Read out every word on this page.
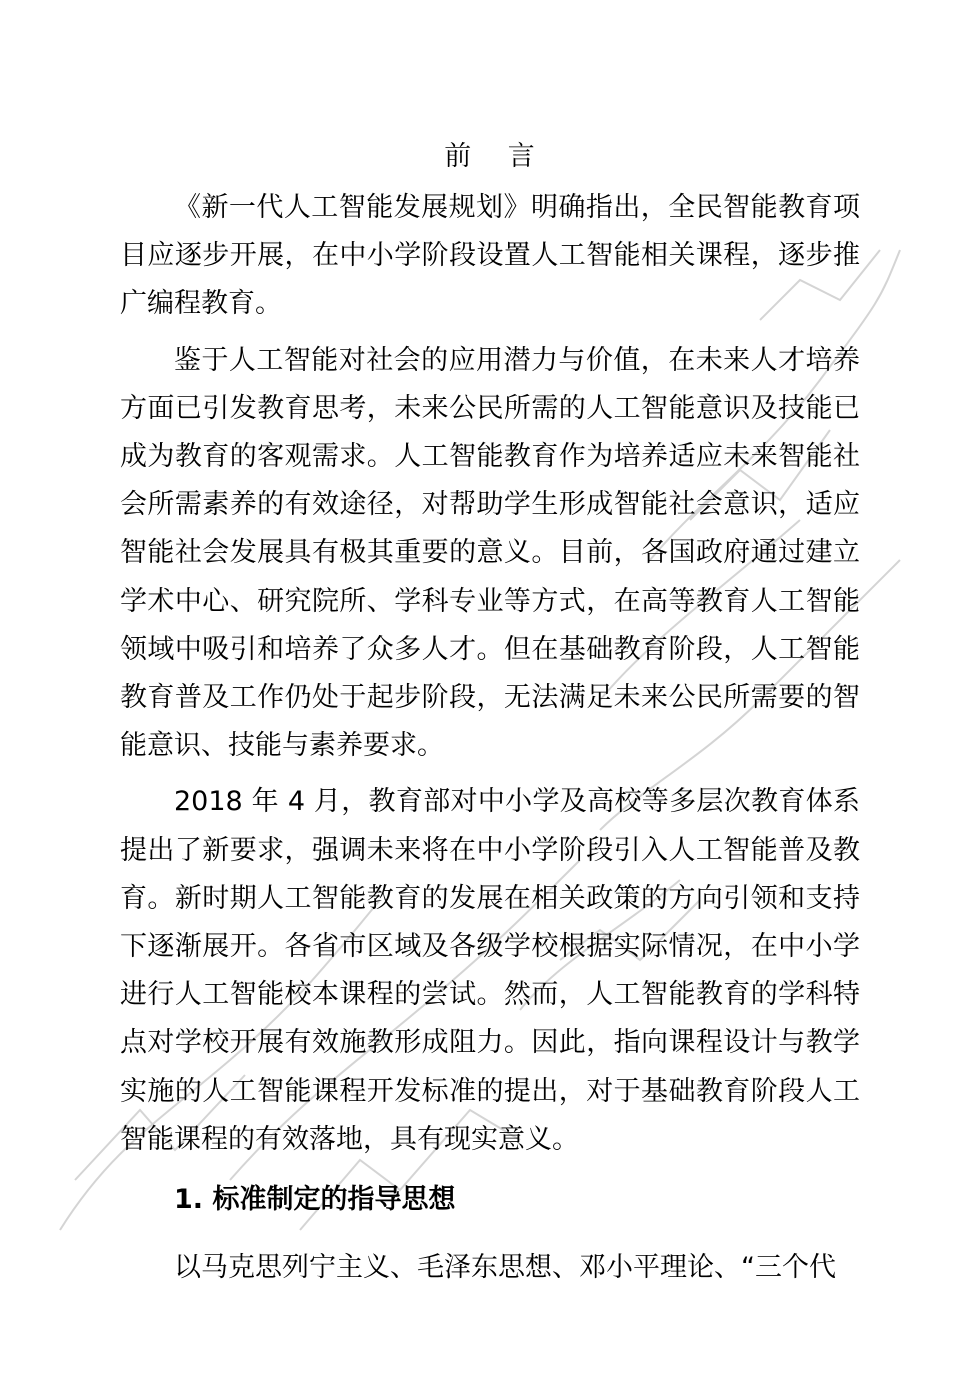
前 言

《新一代人工智能发展规划》明确指出，全民智能教育项目应逐步开展，在中小学阶段设置人工智能相关课程，逐步推广编程教育。

鉴于人工智能对社会的应用潜力与价值，在未来人才培养方面已引发教育思考，未来公民所需的人工智能意识及技能已成为教育的客观需求。人工智能教育作为培养适应未来智能社会所需素养的有效途径，对帮助学生形成智能社会意识，适应智能社会发展具有极其重要的意义。目前，各国政府通过建立学术中心、研究院所、学科专业等方式，在高等教育人工智能领域中吸引和培养了众多人才。但在基础教育阶段，人工智能教育普及工作仍处于起步阶段，无法满足未来公民所需要的智能意识、技能与素养要求。

2018 年 4 月，教育部对中小学及高校等多层次教育体系提出了新要求，强调未来将在中小学阶段引入人工智能普及教育。新时期人工智能教育的发展在相关政策的方向引领和支持下逐渐展开。各省市区域及各级学校根据实际情况，在中小学进行人工智能校本课程的尝试。然而，人工智能教育的学科特点对学校开展有效施教形成阻力。因此，指向课程设计与教学实施的人工智能课程开发标准的提出，对于基础教育阶段人工智能课程的有效落地，具有现实意义。

1. 标准制定的指导思想

以马克思列宁主义、毛泽东思想、邓小平理论、“三个代
